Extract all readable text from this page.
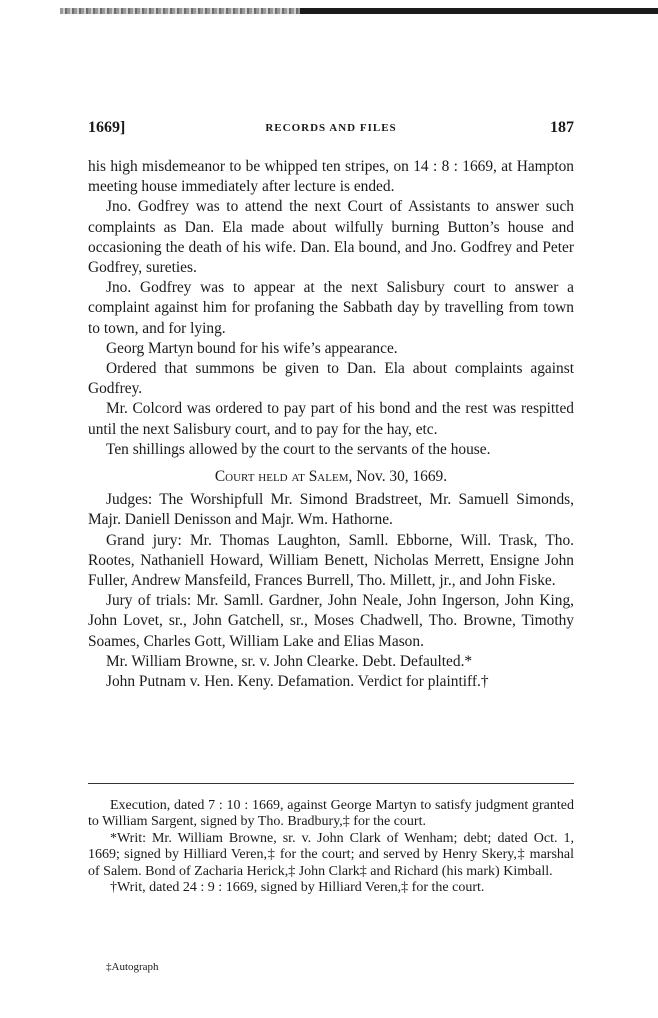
1669]	RECORDS AND FILES	187

his high misdemeanor to be whipped ten stripes, on 14 : 8 : 1669, at Hampton meeting house immediately after lecture is ended.

Jno. Godfrey was to attend the next Court of Assistants to answer such complaints as Dan. Ela made about wilfully burning Button’s house and occasioning the death of his wife. Dan. Ela bound, and Jno. Godfrey and Peter Godfrey, sureties.

Jno. Godfrey was to appear at the next Salisbury court to answer a complaint against him for profaning the Sabbath day by travelling from town to town, and for lying.

Georg Martyn bound for his wife’s appearance.

Ordered that summons be given to Dan. Ela about complaints against Godfrey.

Mr. Colcord was ordered to pay part of his bond and the rest was respitted until the next Salisbury court, and to pay for the hay, etc.

Ten shillings allowed by the court to the servants of the house.

Court held at Salem, Nov. 30, 1669.

Judges: The Worshipfull Mr. Simond Bradstreet, Mr. Samuell Simonds, Majr. Daniell Denisson and Majr. Wm. Hathorne.

Grand jury: Mr. Thomas Laughton, Samll. Ebborne, Will. Trask, Tho. Rootes, Nathaniell Howard, William Benett, Nicholas Merrett, Ensigne John Fuller, Andrew Mansfeild, Frances Burrell, Tho. Millett, jr., and John Fiske.

Jury of trials: Mr. Samll. Gardner, John Neale, John Ingerson, John King, John Lovet, sr., John Gatchell, sr., Moses Chadwell, Tho. Browne, Timothy Soames, Charles Gott, William Lake and Elias Mason.

Mr. William Browne, sr. v. John Clearke. Debt. Defaulted.*

John Putnam v. Hen. Keny. Defamation. Verdict for plaintiff.†

Execution, dated 7 : 10 : 1669, against George Martyn to satisfy judgment granted to William Sargent, signed by Tho. Bradbury,‡ for the court.

*Writ: Mr. William Browne, sr. v. John Clark of Wenham; debt; dated Oct. 1, 1669; signed by Hilliard Veren,‡ for the court; and served by Henry Skery,‡ marshal of Salem. Bond of Zacharia Herick,‡ John Clark‡ and Richard (his mark) Kimball.

†Writ, dated 24 : 9 : 1669, signed by Hilliard Veren,‡ for the court.

‡Autograph
